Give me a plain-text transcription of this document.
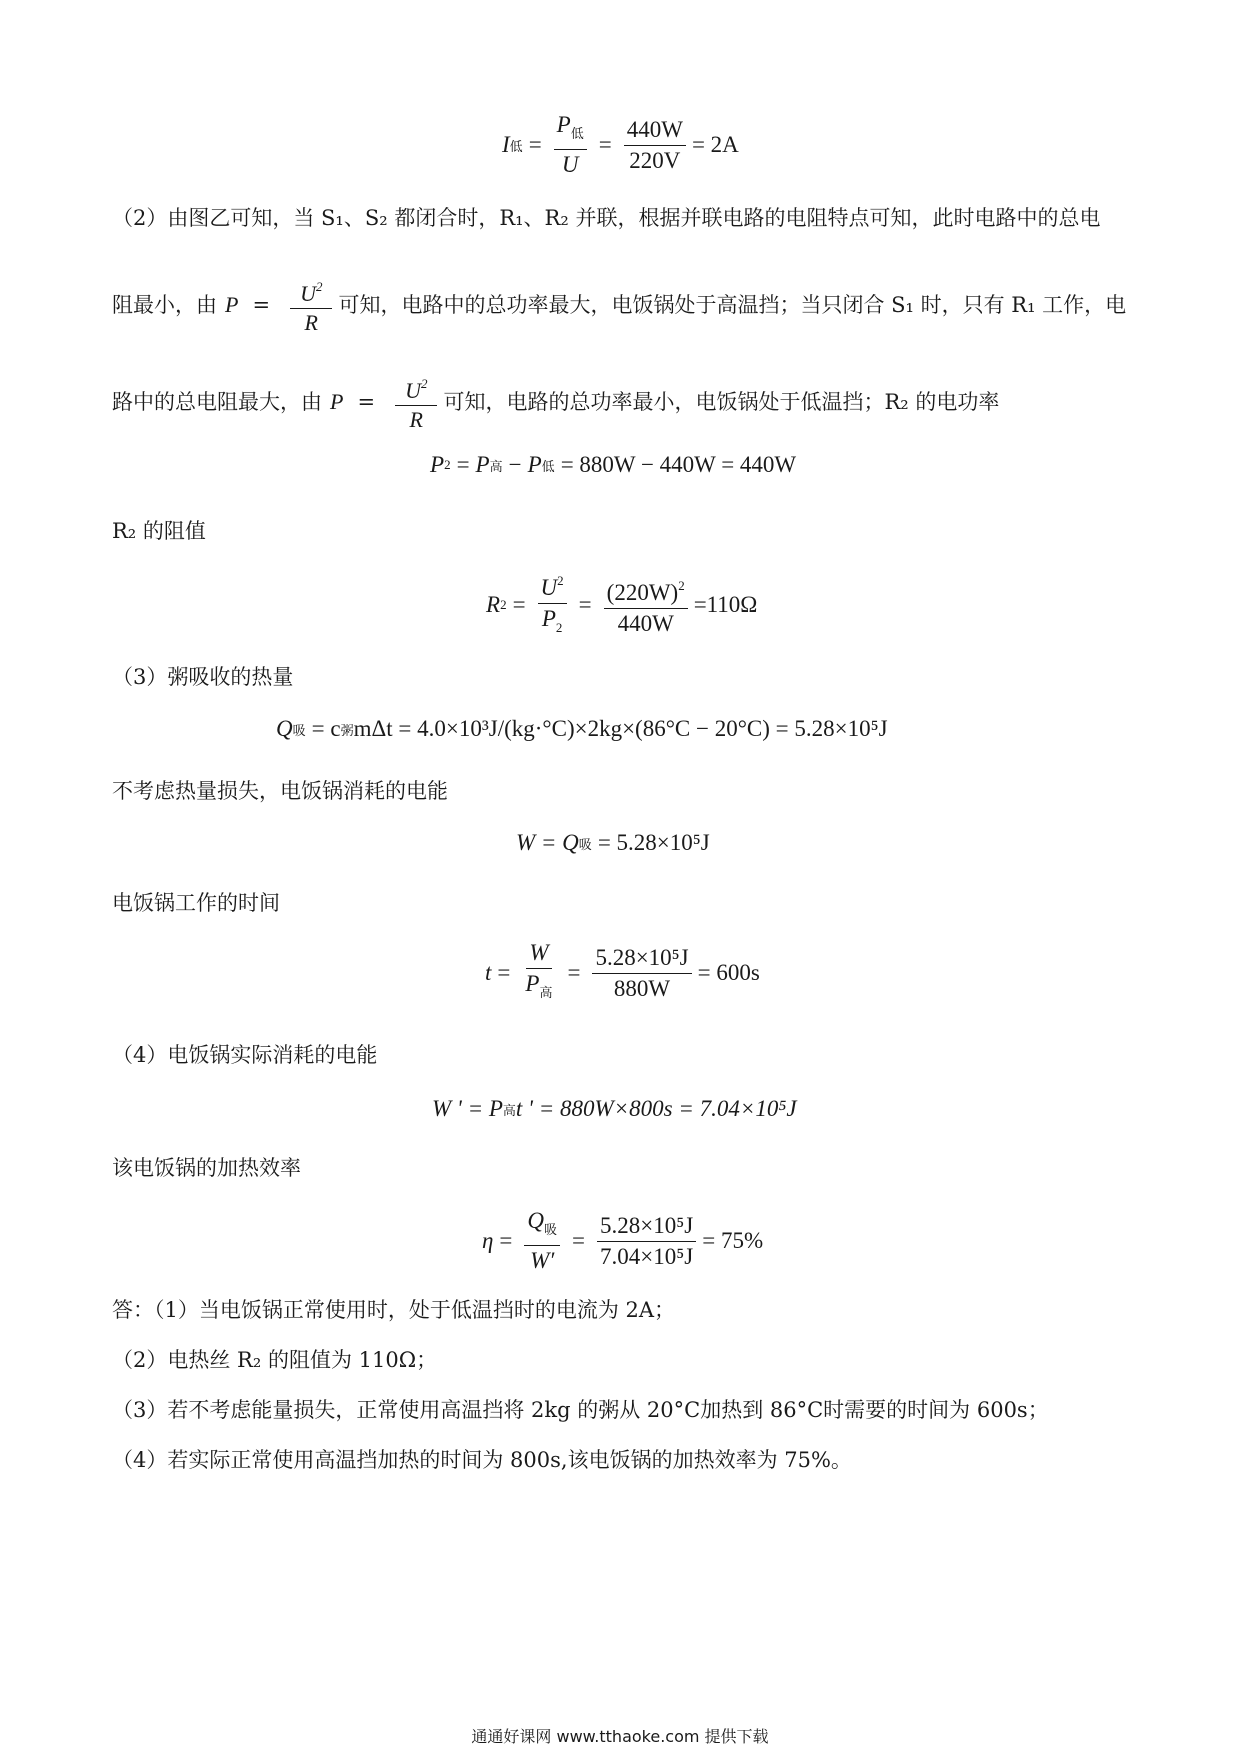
I 低 = $\frac{P_低}{U} = \frac{440W}{220V} = 2A$
（2）由图乙可知，当 S₁、S₂ 都闭合时，R₁、R₂ 并联，根据并联电路的电阻特点可知，此时电路中的总电
阻最小，由 $P = \frac{U^2}{R}$ 可知，电路中的总功率最大，电饭锅处于高温挡；当只闭合 S₁ 时，只有 R₁ 工作，电
路中的总电阻最大，由 $P = \frac{U^2}{R}$ 可知，电路的总功率最小，电饭锅处于低温挡；R₂ 的电功率
P 2 = P 高 − P 低 = 880W − 440W = 440W
R₂ 的阻值
R $2 = \frac{U^2}{P_2} = \frac{(220W)^2}{440W} =110\Omega$
（3）粥吸收的热量
Q 吸 = c 粥 mΔt = 4.0×10³J/(kg·°C)×2kg×(86°C − 20°C) = 5.28×10⁵J
不考虑热量损失，电饭锅消耗的电能
W = Q 吸 = 5.28×10⁵J
电饭锅工作的时间
$t = \frac{W}{P_高} = \frac{\text{5.28×10⁵J}}{880W} = 600s$
（4）电饭锅实际消耗的电能
W ' = P 高 t ' = 880W×800s = 7.04×10⁵J
该电饭锅的加热效率
$\eta = \frac{Q_吸}{W'} = \frac{\text{5.28×10⁵J}}{\text{7.04×10⁵J}} = 75\%$
答：（1）当电饭锅正常使用时，处于低温挡时的电流为 2A；
（2）电热丝 R₂ 的阻值为 110Ω；
（3）若不考虑能量损失，正常使用高温挡将 2kg 的粥从 20°C加热到 86°C时需要的时间为 600s；
（4）若实际正常使用高温挡加热的时间为 800s,该电饭锅的加热效率为 75%。
通通好课网 www.tthaoke.com 提供下载
